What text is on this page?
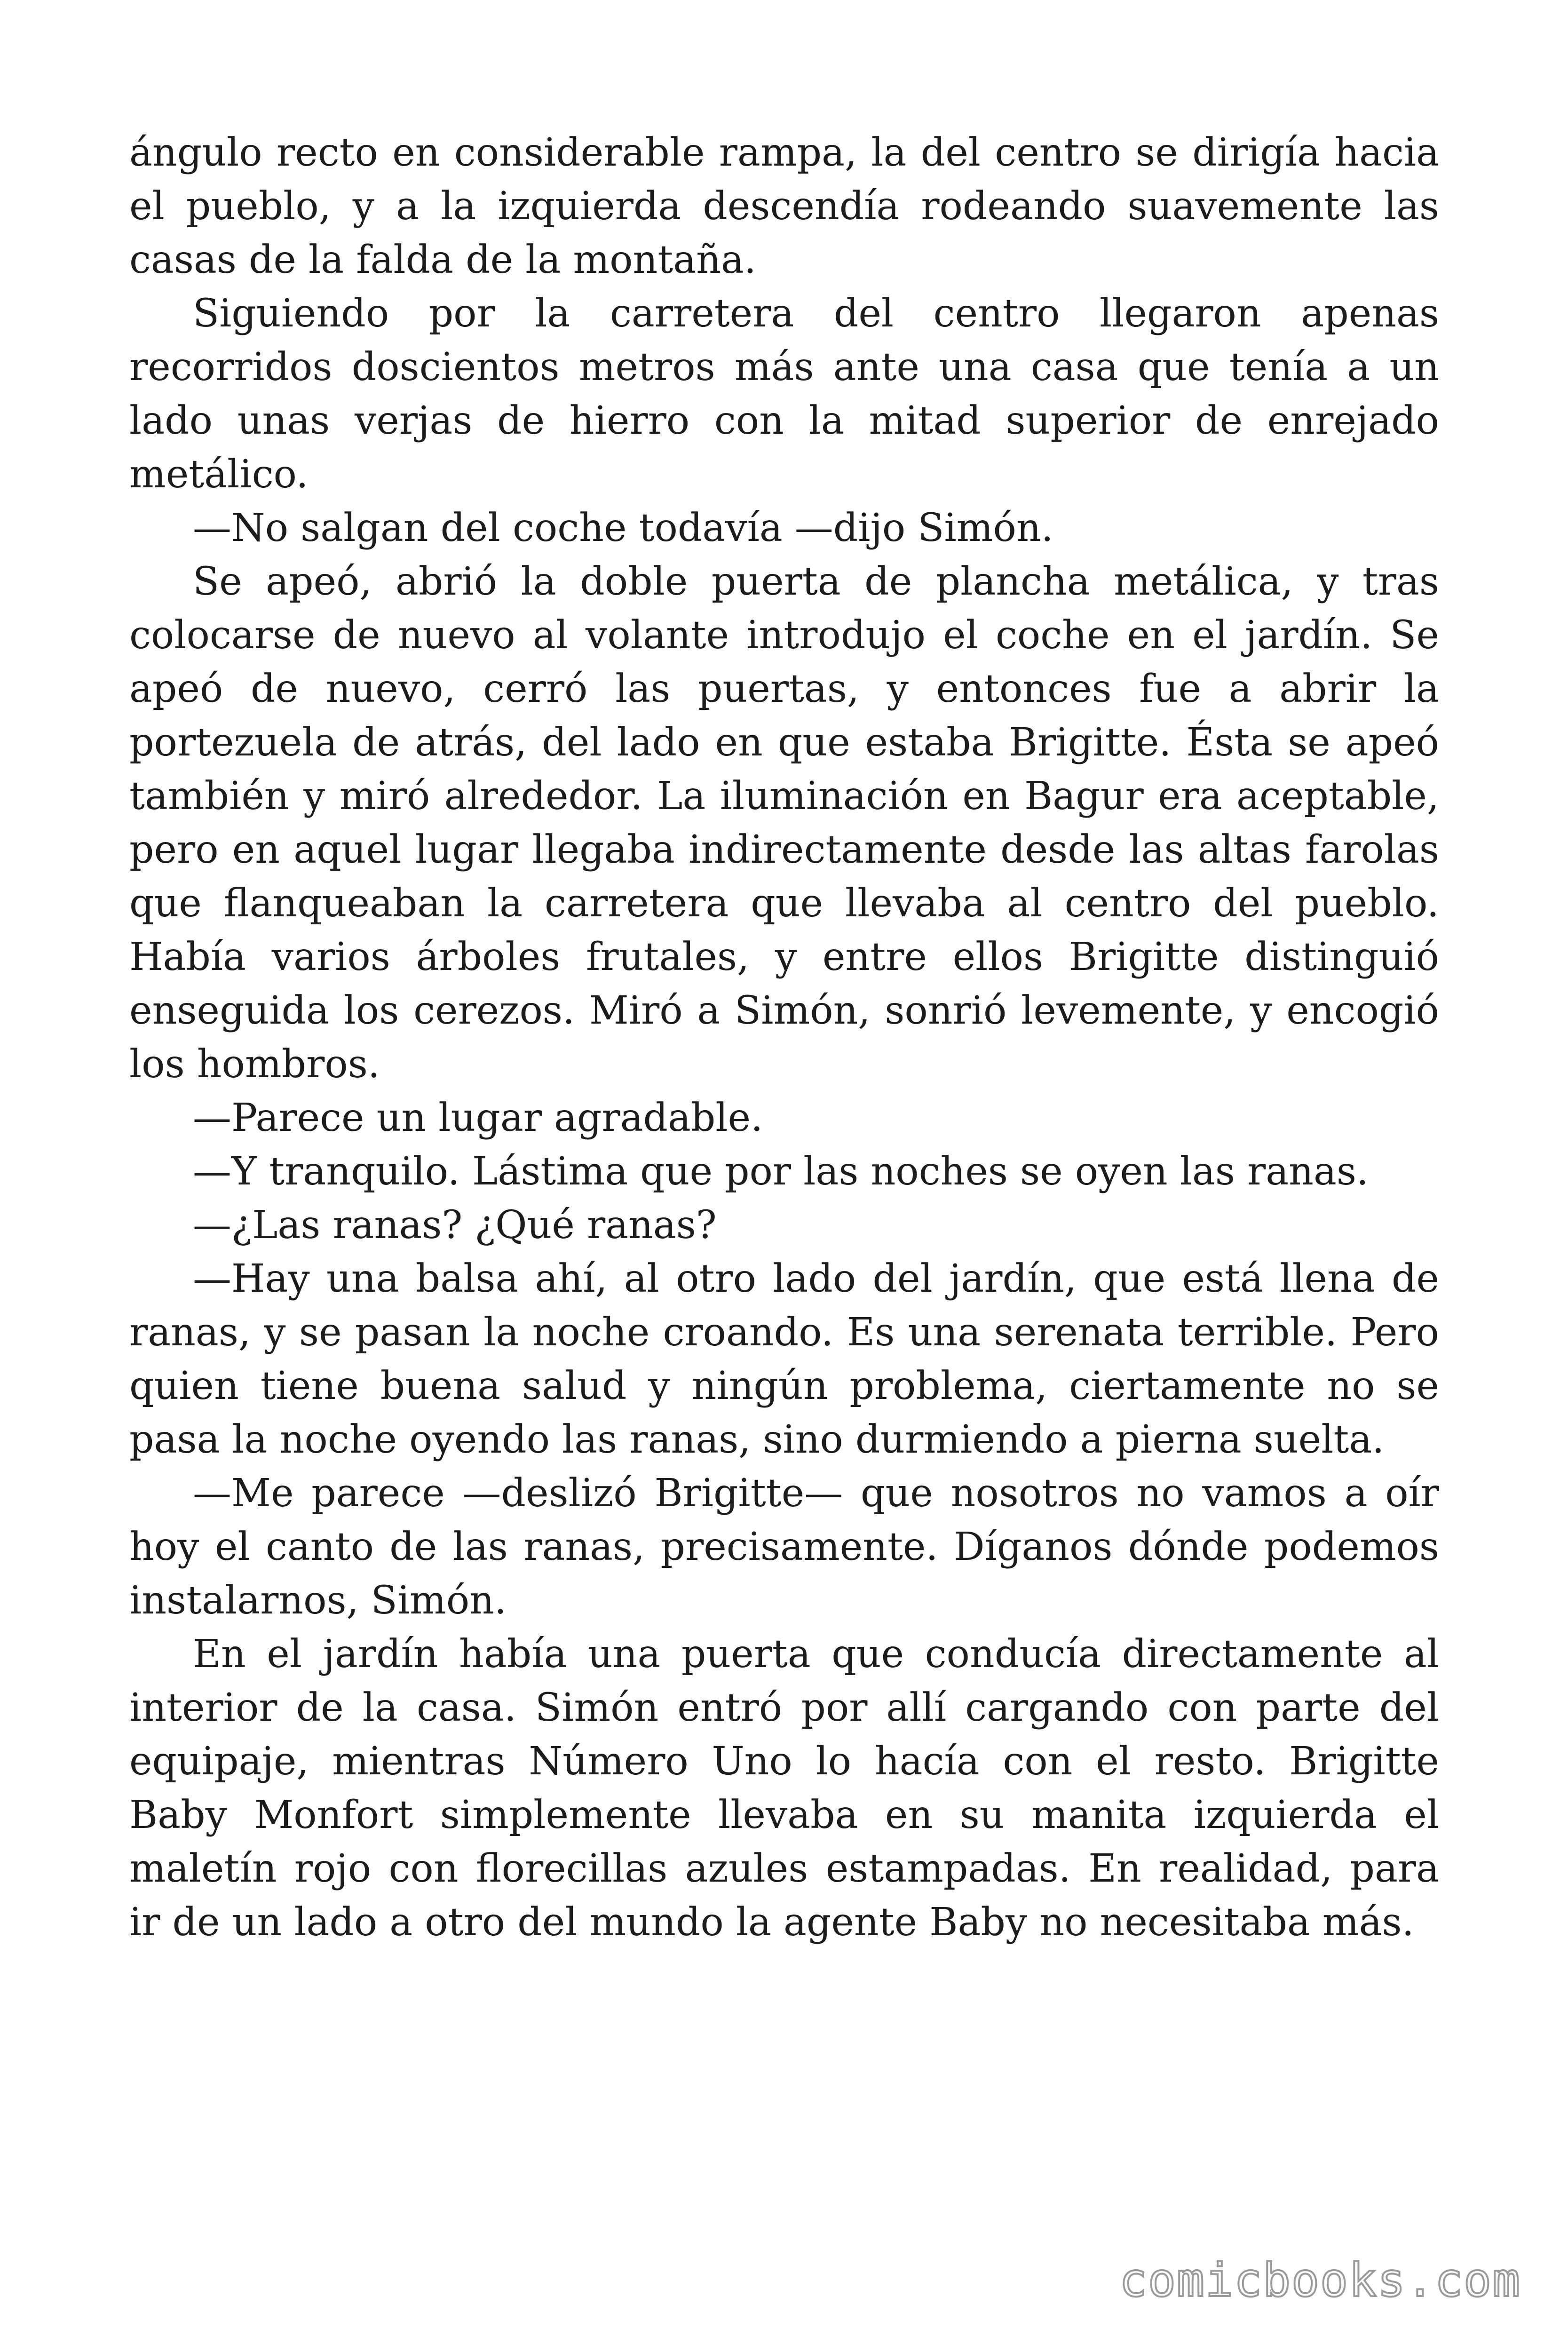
ángulo recto en considerable rampa, la del centro se dirigía hacia el pueblo, y a la izquierda descendía rodeando suavemente las casas de la falda de la montaña.

Siguiendo por la carretera del centro llegaron apenas recorridos doscientos metros más ante una casa que tenía a un lado unas verjas de hierro con la mitad superior de enrejado metálico.

—No salgan del coche todavía —dijo Simón.

Se apeó, abrió la doble puerta de plancha metálica, y tras colocarse de nuevo al volante introdujo el coche en el jardín. Se apeó de nuevo, cerró las puertas, y entonces fue a abrir la portezuela de atrás, del lado en que estaba Brigitte. Ésta se apeó también y miró alrededor. La iluminación en Bagur era aceptable, pero en aquel lugar llegaba indirectamente desde las altas farolas que flanqueaban la carretera que llevaba al centro del pueblo. Había varios árboles frutales, y entre ellos Brigitte distinguió enseguida los cerezos. Miró a Simón, sonrió levemente, y encogió los hombros.

—Parece un lugar agradable.

—Y tranquilo. Lástima que por las noches se oyen las ranas.

—¿Las ranas? ¿Qué ranas?

—Hay una balsa ahí, al otro lado del jardín, que está llena de ranas, y se pasan la noche croando. Es una serenata terrible. Pero quien tiene buena salud y ningún problema, ciertamente no se pasa la noche oyendo las ranas, sino durmiendo a pierna suelta.

—Me parece —deslizó Brigitte— que nosotros no vamos a oír hoy el canto de las ranas, precisamente. Díganos dónde podemos instalarnos, Simón.

En el jardín había una puerta que conducía directamente al interior de la casa. Simón entró por allí cargando con parte del equipaje, mientras Número Uno lo hacía con el resto. Brigitte Baby Monfort simplemente llevaba en su manita izquierda el maletín rojo con florecillas azules estampadas. En realidad, para ir de un lado a otro del mundo la agente Baby no necesitaba más.

comicbooks.com
